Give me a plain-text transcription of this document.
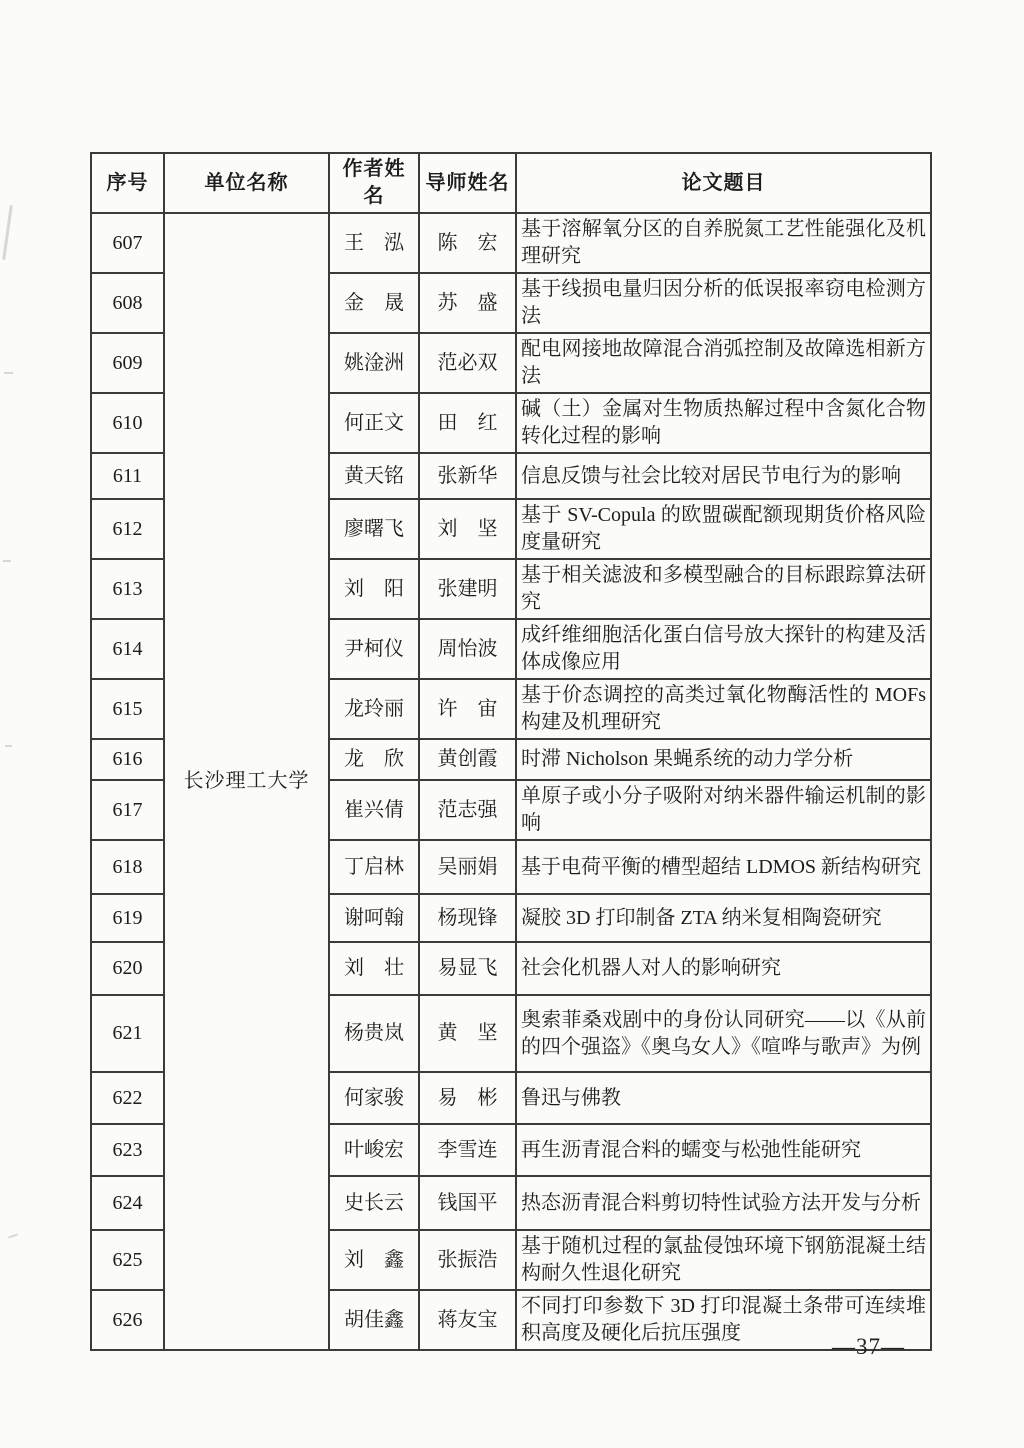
序号	单位名称	作者姓名	导师姓名	论文题目
607	长沙理工大学	王　泓	陈　宏	基于溶解氧分区的自养脱氮工艺性能强化及机理研究
608		金　晟	苏　盛	基于线损电量归因分析的低误报率窃电检测方法
609		姚淦洲	范必双	配电网接地故障混合消弧控制及故障选相新方法
610		何正文	田　红	碱（土）金属对生物质热解过程中含氮化合物转化过程的影响
611		黄天铭	张新华	信息反馈与社会比较对居民节电行为的影响
612		廖曙飞	刘　坚	基于 SV-Copula 的欧盟碳配额现期货价格风险度量研究
613		刘　阳	张建明	基于相关滤波和多模型融合的目标跟踪算法研究
614		尹柯仪	周怡波	成纤维细胞活化蛋白信号放大探针的构建及活体成像应用
615		龙玲丽	许　宙	基于价态调控的高类过氧化物酶活性的 MOFs 构建及机理研究
616		龙　欣	黄创霞	时滞 Nicholson 果蝇系统的动力学分析
617		崔兴倩	范志强	单原子或小分子吸附对纳米器件输运机制的影响
618		丁启林	吴丽娟	基于电荷平衡的槽型超结 LDMOS 新结构研究
619		谢呵翰	杨现锋	凝胶 3D 打印制备 ZTA 纳米复相陶瓷研究
620		刘　壮	易显飞	社会化机器人对人的影响研究
621		杨贵岚	黄　坚	奥索菲桑戏剧中的身份认同研究——以《从前的四个强盗》《奥乌女人》《喧哗与歌声》为例
622		何家骏	易　彬	鲁迅与佛教
623		叶峻宏	李雪连	再生沥青混合料的蠕变与松弛性能研究
624		史长云	钱国平	热态沥青混合料剪切特性试验方法开发与分析
625		刘　鑫	张振浩	基于随机过程的氯盐侵蚀环境下钢筋混凝土结构耐久性退化研究
626		胡佳鑫	蒋友宝	不同打印参数下 3D 打印混凝土条带可连续堆积高度及硬化后抗压强度
—37—
